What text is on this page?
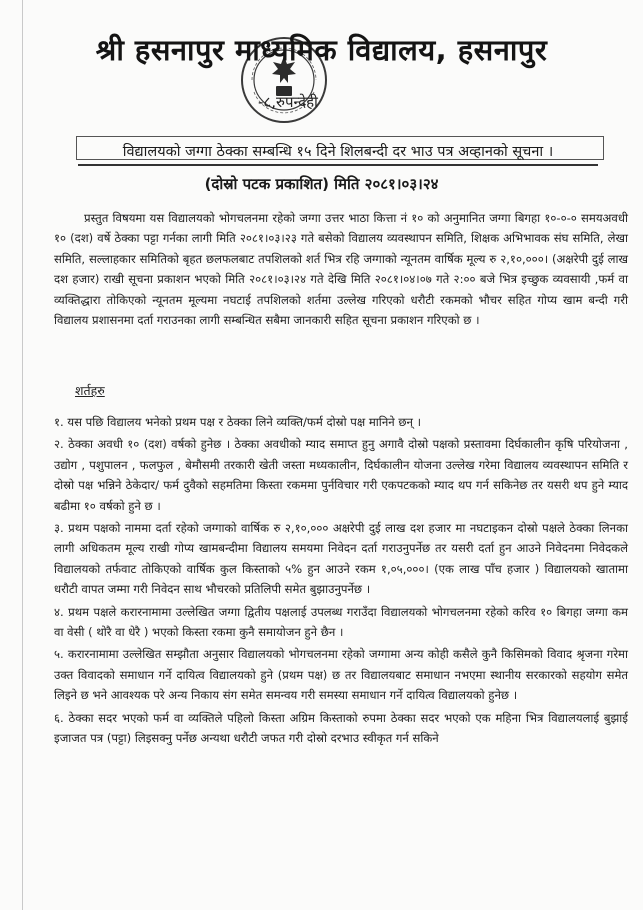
श्री हसनापुर माध्यमिक विद्यालय, हसनापुर
-८,रुपन्देही
विद्यालयको जग्गा ठेक्का सम्बन्धि १५ दिने शिलबन्दी दर भाउ पत्र अव्हानको सूचना ।
(दोस्रो पटक प्रकाशित) मिति २०८१।०३।२४
प्रस्तुत विषयमा यस विद्यालयको भोगचलनमा रहेको जग्गा उत्तर भाठा कित्ता नं १० को अनुमानित जग्गा बिगहा १०-०-० समयअवधी १० (दश) वर्षे ठेक्का पट्टा गर्नका लागी मिति २०८१।०३।२३ गते बसेको विद्यालय व्यवस्थापन समिति, शिक्षक अभिभावक संघ समिति, लेखा समिति, सल्लाहकार समितिको बृहत छलफलबाट तपशिलको शर्त भित्र रहि जग्गाको न्यूनतम वार्षिक मूल्य रु २,१०,०००। (अक्षरेपी दुई लाख दश हजार) राखी सूचना प्रकाशन भएको मिति २०८१।०३।२४ गते देखि मिति २०८१।०४।०७ गते २:०० बजे भित्र इच्छुक व्यवसायी ,फर्म वा व्यक्तिद्धारा तोकिएको न्यूनतम मूल्यमा नघटाई तपशिलको शर्तमा उल्लेख गरिएको धरौटी रकमको भौचर सहित गोप्य खाम बन्दी गरी विद्यालय प्रशासनमा दर्ता गराउनका लागी सम्बन्धित सबैमा जानकारी सहित सूचना प्रकाशन गरिएको छ ।
शर्तहरु

१. यस पछि विद्यालय भनेको प्रथम पक्ष र ठेक्का लिने व्यक्ति/फर्म दोस्रो पक्ष मानिने छन् ।

२. ठेक्का अवधी १० (दश) वर्षको हुनेछ । ठेक्का अवधीको म्याद समाप्त हुनु अगावै दोस्रो पक्षको प्रस्तावमा दिर्घकालीन कृषि परियोजना , उद्योग , पशुपालन , फलफुल , बेमौसमी तरकारी खेती जस्ता मध्यकालीन, दिर्घकालीन योजना उल्लेख गरेमा विद्यालय व्यवस्थापन समिति र दोस्रो पक्ष भन्निने ठेकेदार/ फर्म दुवैको सहमतिमा किस्ता रकममा पुर्नविचार गरी एकपटकको म्याद थप गर्न सकिनेछ तर यसरी थप हुने म्याद बढीमा १० वर्षको हुने छ ।

३. प्रथम पक्षको नाममा दर्ता रहेको जग्गाको वार्षिक रु २,१०,००० अक्षरेपी दुई लाख दश हजार मा नघटाइकन दोस्रो पक्षले ठेक्का लिनका लागी अधिकतम मूल्य राखी गोप्य खामबन्दीमा विद्यालय समयमा निवेदन दर्ता गराउनुपर्नेछ तर यसरी दर्ता हुन आउने निवेदनमा निवेदकले विद्यालयको तर्फवाट तोकिएको वार्षिक कुल किस्ताको ५% हुन आउने रकम १,०५,०००। (एक लाख पाँच हजार ) विद्यालयको खातामा धरौटी वापत जम्मा गरी निवेदन साथ भौचरको प्रतिलिपी समेत बुझाउनुपर्नेछ ।

४. प्रथम पक्षले करारनामामा उल्लेखित जग्गा द्वितीय पक्षलाई उपलब्ध गराउँदा विद्यालयको भोगचलनमा रहेको करिव १० बिगहा जग्गा कम वा वेसी ( थोरै वा धेरै ) भएको किस्ता रकमा कुनै समायोजन हुने छैन ।

५. करारनामामा उल्लेखित सम्झौता अनुसार विद्यालयको भोगचलनमा रहेको जग्गामा अन्य कोही कसैले कुनै किसिमको विवाद श्रृजना गरेमा उक्त विवादको समाधान गर्ने दायित्व विद्यालयको हुने (प्रथम पक्ष) छ तर विद्यालयबाट समाधान नभएमा स्थानीय सरकारको सहयोग समेत लिइने छ भने आवश्यक परे अन्य निकाय संग समेत समन्वय गरी समस्या समाधान गर्ने दायित्व विद्यालयको हुनेछ ।

६. ठेक्का सदर भएको फर्म वा व्यक्तिले पहिलो किस्ता अग्रिम किस्ताको रुपमा ठेक्का सदर भएको एक महिना भित्र विद्यालयलाई बुझाई इजाजत पत्र (पट्टा) लिइसक्नु पर्नेछ अन्यथा धरौटी जफत गरी दोस्रो दरभाउ स्वीकृत गर्न सकिने
